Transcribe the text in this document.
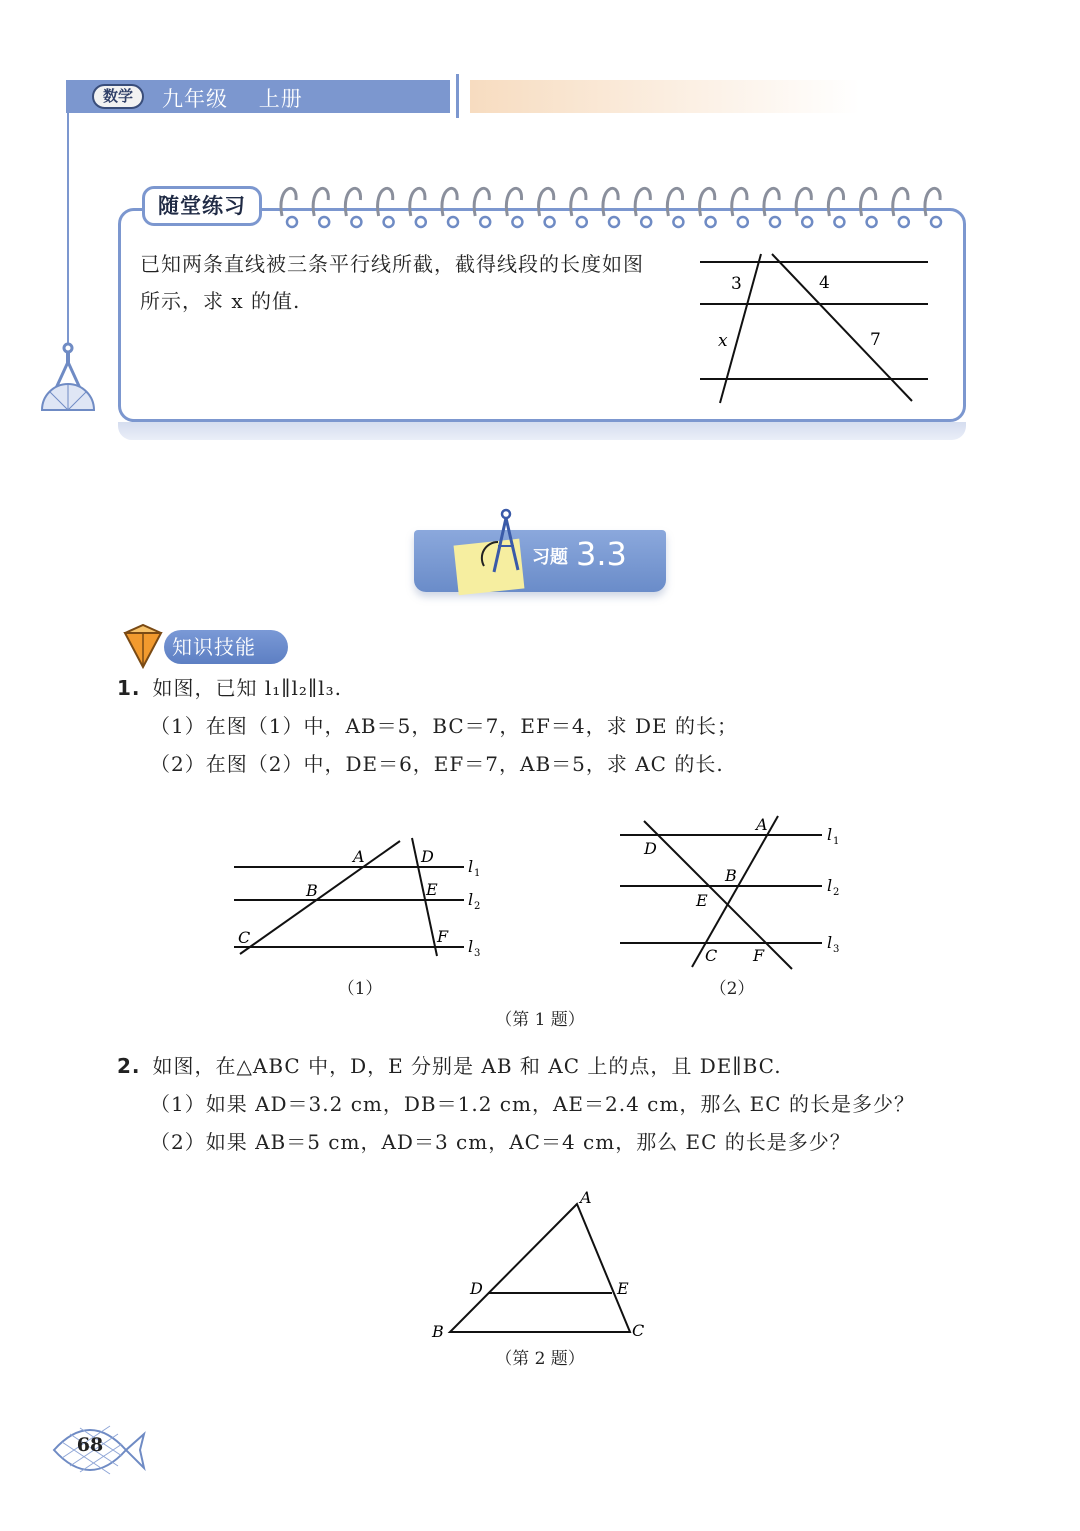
数学	九年级    上册
随堂练习
已知两条直线被三条平行线所截，截得线段的长度如图
所示，求 x 的值.
3	4
x	7
习题 3.3
知识技能
1. 如图，已知 l₁∥l₂∥l₃.
（1）在图（1）中，AB＝5，BC＝7，EF＝4，求 DE 的长；
（2）在图（2）中，DE＝6，EF＝7，AB＝5，求 AC 的长.
A
B
C
D
E
F
l 1
l 2
l 3
（1）
A
B
C
D
E
F
l 1
l 2
l 3
（2）
（第 1 题）
2. 如图，在△ABC 中，D，E 分别是 AB 和 AC 上的点，且 DE∥BC.
（1）如果 AD＝3.2 cm，DB＝1.2 cm，AE＝2.4 cm，那么 EC 的长是多少？
（2）如果 AB＝5 cm，AD＝3 cm，AC＝4 cm，那么 EC 的长是多少？
A
B	C
D	E
（第 2 题）
68
